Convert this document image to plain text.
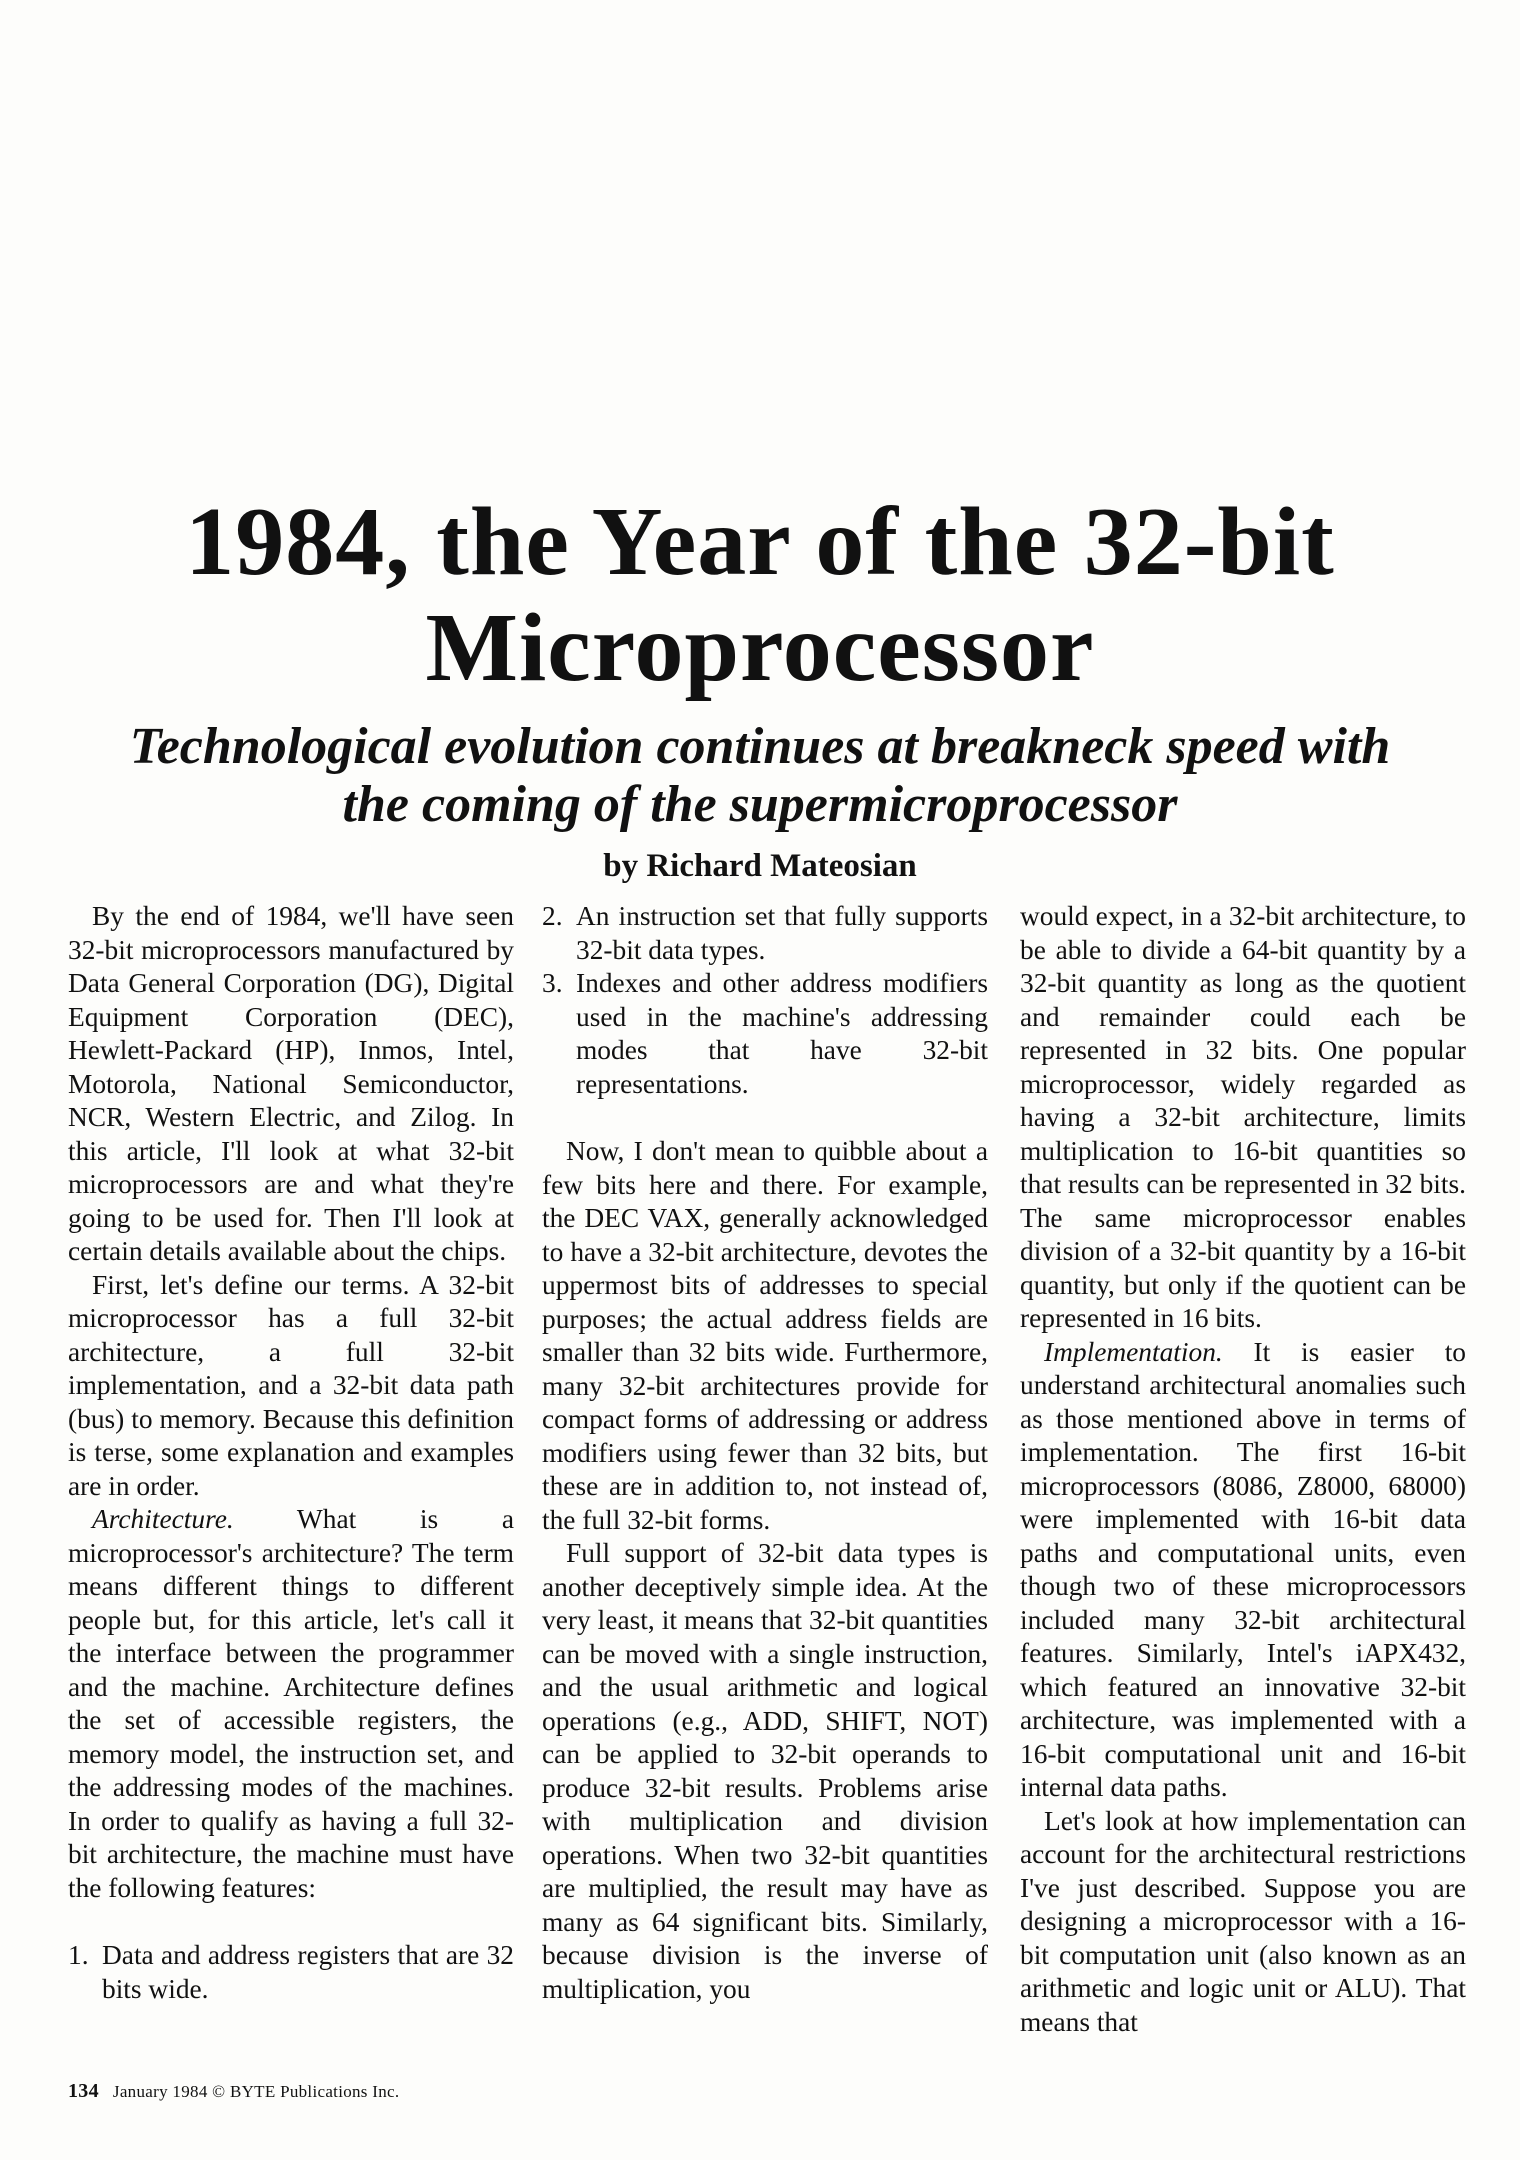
1984, the Year of the 32-bit Microprocessor
Technological evolution continues at breakneck speed with the coming of the supermicroprocessor
by Richard Mateosian

By the end of 1984, we'll have seen 32-bit microprocessors manufactured by Data General Corporation (DG), Digital Equipment Corporation (DEC), Hewlett-Packard (HP), Inmos, Intel, Motorola, National Semiconductor, NCR, Western Electric, and Zilog. In this article, I'll look at what 32-bit microprocessors are and what they're going to be used for. Then I'll look at certain details available about the chips.

First, let's define our terms. A 32-bit microprocessor has a full 32-bit architecture, a full 32-bit implementation, and a 32-bit data path (bus) to memory. Because this definition is terse, some explanation and examples are in order.

Architecture. What is a microprocessor's architecture? The term means different things to different people but, for this article, let's call it the interface between the programmer and the machine. Architecture defines the set of accessible registers, the memory model, the instruction set, and the addressing modes of the machines. In order to qualify as having a full 32-bit architecture, the machine must have the following features:

1. Data and address registers that are 32 bits wide.
2. An instruction set that fully supports 32-bit data types.
3. Indexes and other address modifiers used in the machine's addressing modes that have 32-bit representations.

Now, I don't mean to quibble about a few bits here and there. For example, the DEC VAX, generally acknowledged to have a 32-bit architecture, devotes the uppermost bits of addresses to special purposes; the actual address fields are smaller than 32 bits wide. Furthermore, many 32-bit architectures provide for compact forms of addressing or address modifiers using fewer than 32 bits, but these are in addition to, not instead of, the full 32-bit forms.

Full support of 32-bit data types is another deceptively simple idea. At the very least, it means that 32-bit quantities can be moved with a single instruction, and the usual arithmetic and logical operations (e.g., ADD, SHIFT, NOT) can be applied to 32-bit operands to produce 32-bit results. Problems arise with multiplication and division operations. When two 32-bit quantities are multiplied, the result may have as many as 64 significant bits. Similarly, because division is the inverse of multiplication, you

would expect, in a 32-bit architecture, to be able to divide a 64-bit quantity by a 32-bit quantity as long as the quotient and remainder could each be represented in 32 bits. One popular microprocessor, widely regarded as having a 32-bit architecture, limits multiplication to 16-bit quantities so that results can be represented in 32 bits. The same microprocessor enables division of a 32-bit quantity by a 16-bit quantity, but only if the quotient can be represented in 16 bits.

Implementation. It is easier to understand architectural anomalies such as those mentioned above in terms of implementation. The first 16-bit microprocessors (8086, Z8000, 68000) were implemented with 16-bit data paths and computational units, even though two of these microprocessors included many 32-bit architectural features. Similarly, Intel's iAPX432, which featured an innovative 32-bit architecture, was implemented with a 16-bit computational unit and 16-bit internal data paths.

Let's look at how implementation can account for the architectural restrictions I've just described. Suppose you are designing a microprocessor with a 16-bit computation unit (also known as an arithmetic and logic unit or ALU). That means that

134 January 1984 © BYTE Publications Inc.
